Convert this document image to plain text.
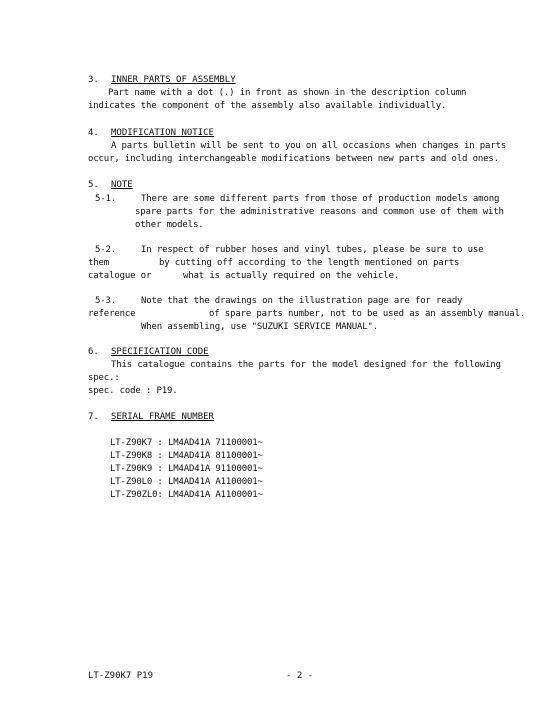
3. INNER PARTS OF ASSEMBLY
Part name with a dot (.) in front as shown in the description column
indicates the component of the assembly also available individually.
4. MODIFICATION NOTICE
A parts bulletin will be sent to you on all occasions when changes in parts
occur, including interchangeable modifications between new parts and old ones.
5. NOTE
5-1.	There are some different parts from those of production models among
spare parts for the administrative reasons and common use of them with
other models.
5-2.	In respect of rubber hoses and vinyl tubes, please be sure to use
them	by cutting off according to the length mentioned on parts
catalogue or	what is actually required on the vehicle.
5-3.	Note that the drawings on the illustration page are for ready
reference	of spare parts number, not to be used as an assembly manual.
When assembling, use "SUZUKI SERVICE MANUAL".
6. SPECIFICATION CODE
This catalogue contains the parts for the model designed for the following
spec.:
spec. code : P19.
7. SERIAL FRAME NUMBER
LT-Z90K7 : LM4AD41A 71100001~
LT-Z90K8 : LM4AD41A 81100001~
LT-Z90K9 : LM4AD41A 91100001~
LT-Z90L0 : LM4AD41A A1100001~
LT-Z90ZL0: LM4AD41A A1100001~
LT-Z90K7 P19	- 2 -
